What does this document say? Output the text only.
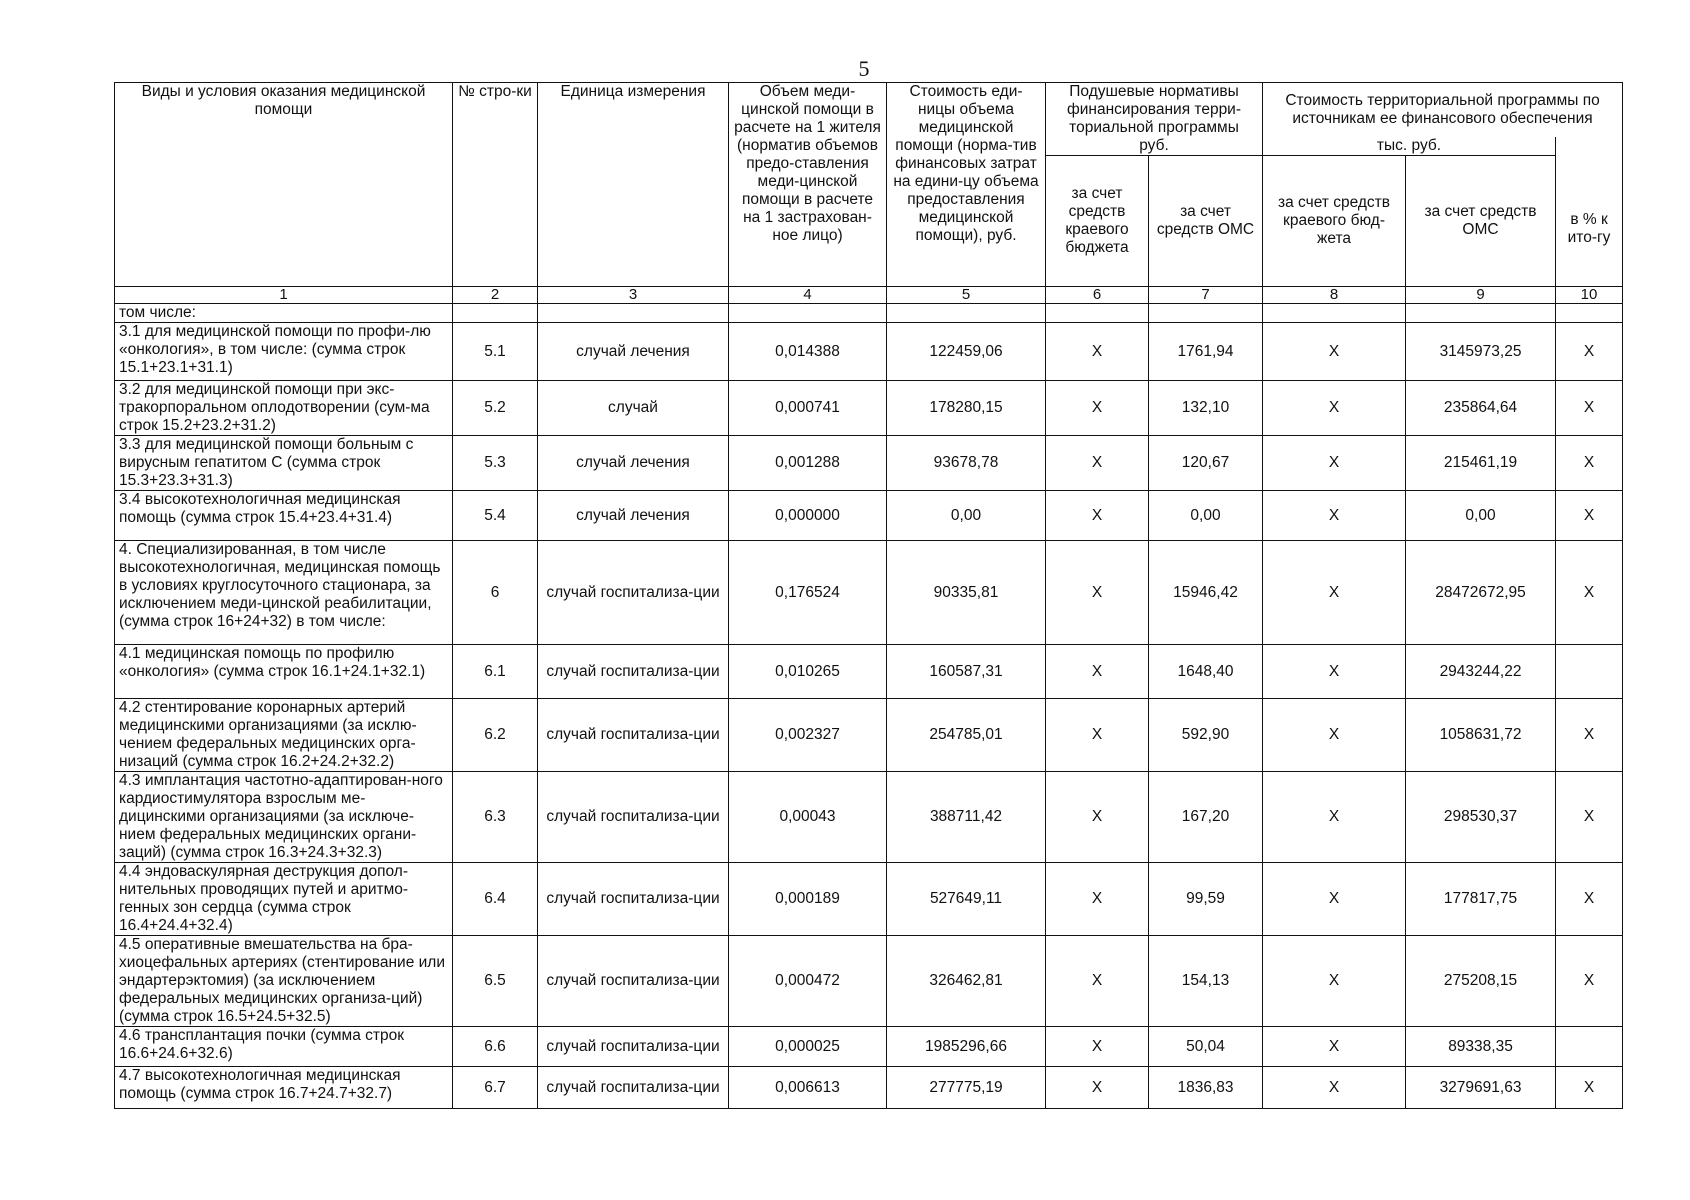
5
Виды и условия оказания медицинской помощи	№ стро-ки	Единица измерения	Объем меди-цинской помощи в расчете на 1 жителя (норматив объемов предо-ставления меди-цинской помощи в расчете на 1 застрахован-ное лицо)	Стоимость еди-ницы объема медицинской помощи (норма-тив финансовых затрат на едини-цу объема предоставления медицинской помощи), руб.	Подушевые нормативы финансирования терри-ториальной программы		Стоимость территориальной программы по источникам ее финансового обеспечения		

					руб.		тыс. руб.		в % к ито-гу
					за счет средств краевого бюджета	за счет средств ОМС	за счет средств краевого бюд-жета	за счет средств ОМС	
1	2	3	4	5	6	7	8	9	10
том числе:									
3.1 для медицинской помощи по профи-лю «онкология», в том числе: (сумма строк 15.1+23.1+31.1)	5.1	случай лечения	0,014388	122459,06	Х	1761,94	Х	3145973,25	Х
3.2 для медицинской помощи при экс-тракорпоральном оплодотворении (сум-ма строк 15.2+23.2+31.2)	5.2	случай	0,000741	178280,15	Х	132,10	Х	235864,64	Х
3.3 для медицинской помощи больным с вирусным гепатитом С (сумма строк 15.3+23.3+31.3)	5.3	случай лечения	0,001288	93678,78	Х	120,67	Х	215461,19	Х
3.4 высокотехнологичная медицинская помощь (сумма строк 15.4+23.4+31.4)	5.4	случай лечения	0,000000	0,00	Х	0,00	Х	0,00	Х
4. Специализированная, в том числе высокотехнологичная, медицинская помощь в условиях круглосуточного стационара, за исключением меди-цинской реабилитации, (сумма строк 16+24+32) в том числе:	6	случай госпитализа-ции	0,176524	90335,81	Х	15946,42	Х	28472672,95	Х
4.1 медицинская помощь по профилю «онкология» (сумма строк 16.1+24.1+32.1)	6.1	случай госпитализа-ции	0,010265	160587,31	Х	1648,40	Х	2943244,22	
4.2 стентирование коронарных артерий медицинскими организациями (за исклю-чением федеральных медицинских орга-низаций (сумма строк 16.2+24.2+32.2)	6.2	случай госпитализа-ции	0,002327	254785,01	Х	592,90	Х	1058631,72	Х
4.3 имплантация частотно-адаптирован-ного кардиостимулятора взрослым ме-дицинскими организациями (за исключе-нием федеральных медицинских органи-заций) (сумма строк 16.3+24.3+32.3)	6.3	случай госпитализа-ции	0,00043	388711,42	Х	167,20	Х	298530,37	Х
4.4 эндоваскулярная деструкция допол-нительных проводящих путей и аритмо-генных зон сердца (сумма строк 16.4+24.4+32.4)	6.4	случай госпитализа-ции	0,000189	527649,11	Х	99,59	Х	177817,75	Х
4.5 оперативные вмешательства на бра-хиоцефальных артериях (стентирование или эндартерэктомия) (за исключением федеральных медицинских организа-ций) (сумма строк 16.5+24.5+32.5)	6.5	случай госпитализа-ции	0,000472	326462,81	Х	154,13	Х	275208,15	Х
4.6 трансплантация почки (сумма строк 16.6+24.6+32.6)	6.6	случай госпитализа-ции	0,000025	1985296,66	Х	50,04	Х	89338,35	
4.7 высокотехнологичная медицинская помощь (сумма строк 16.7+24.7+32.7)	6.7	случай госпитализа-ции	0,006613	277775,19	Х	1836,83	Х	3279691,63	Х
